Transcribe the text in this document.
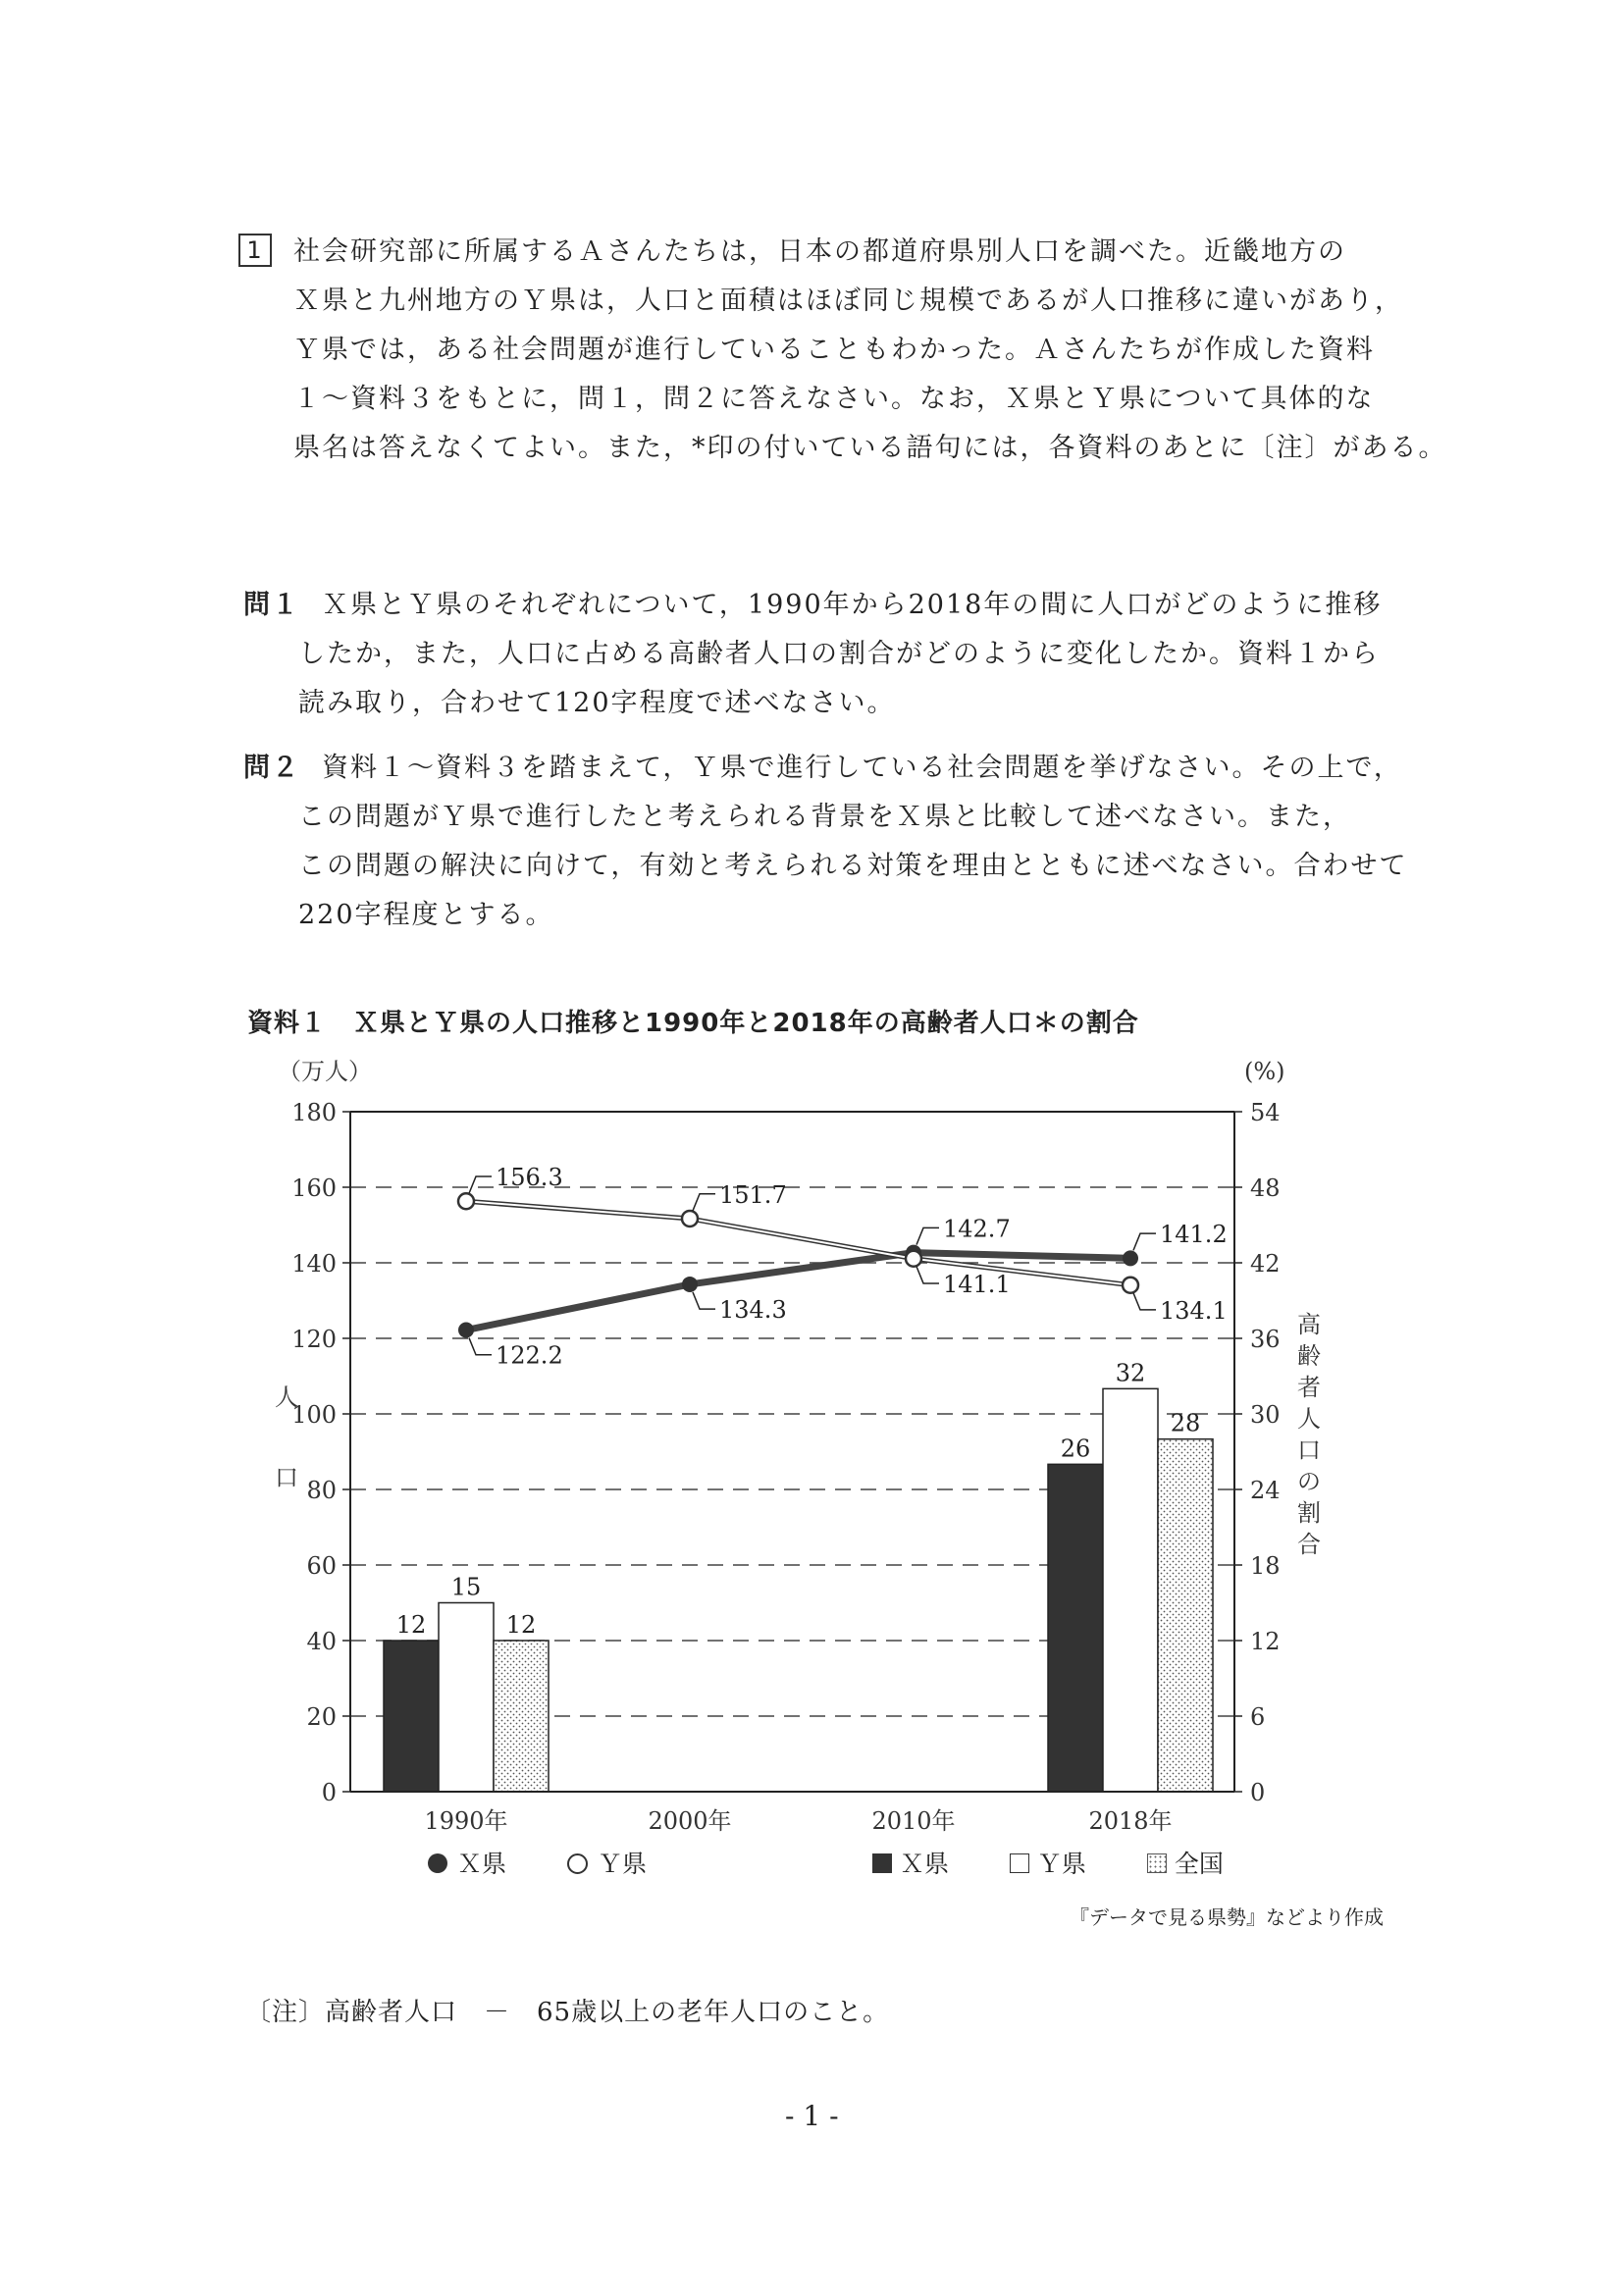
1 社会研究部に所属するＡさんたちは，日本の都道府県別人口を調べた。近畿地方の
Ｘ県と九州地方のＹ県は，人口と面積はほぼ同じ規模であるが人口推移に違いがあり，
Ｙ県では，ある社会問題が進行していることもわかった。Ａさんたちが作成した資料
１～資料３をもとに，問１，問２に答えなさい。なお，Ｘ県とＹ県について具体的な
県名は答えなくてよい。また，*印の付いている語句には，各資料のあとに〔注〕がある。
問１ Ｘ県とＹ県のそれぞれについて，1990年から2018年の間に人口がどのように推移
したか，また，人口に占める高齢者人口の割合がどのように変化したか。資料１から
読み取り，合わせて120字程度で述べなさい。
問２ 資料１～資料３を踏まえて，Ｙ県で進行している社会問題を挙げなさい。その上で，
この問題がＹ県で進行したと考えられる背景をＸ県と比較して述べなさい。また，
この問題の解決に向けて，有効と考えられる対策を理由とともに述べなさい。合わせて
220字程度とする。
資料１　Ｘ県とＹ県の人口推移と1990年と2018年の高齢者人口＊の割合
12
26
15
32
12
28
0
20
40
60
80
100
120
140
160
180
0
6
12
18
24
30
36
42
48
54
1990年	2000年	2010年	2018年
（万人）	(%)
人
口
高
齢
者
人
口
の
割
合
122.2
134.3
142.7	141.2
156.3
151.7
141.1
134.1
Ｘ県	Ｙ県	Ｘ県	Ｙ県	全国
『データで見る県勢』などより作成
〔注〕高齢者人口　－　65歳以上の老年人口のこと。
- 1 -
